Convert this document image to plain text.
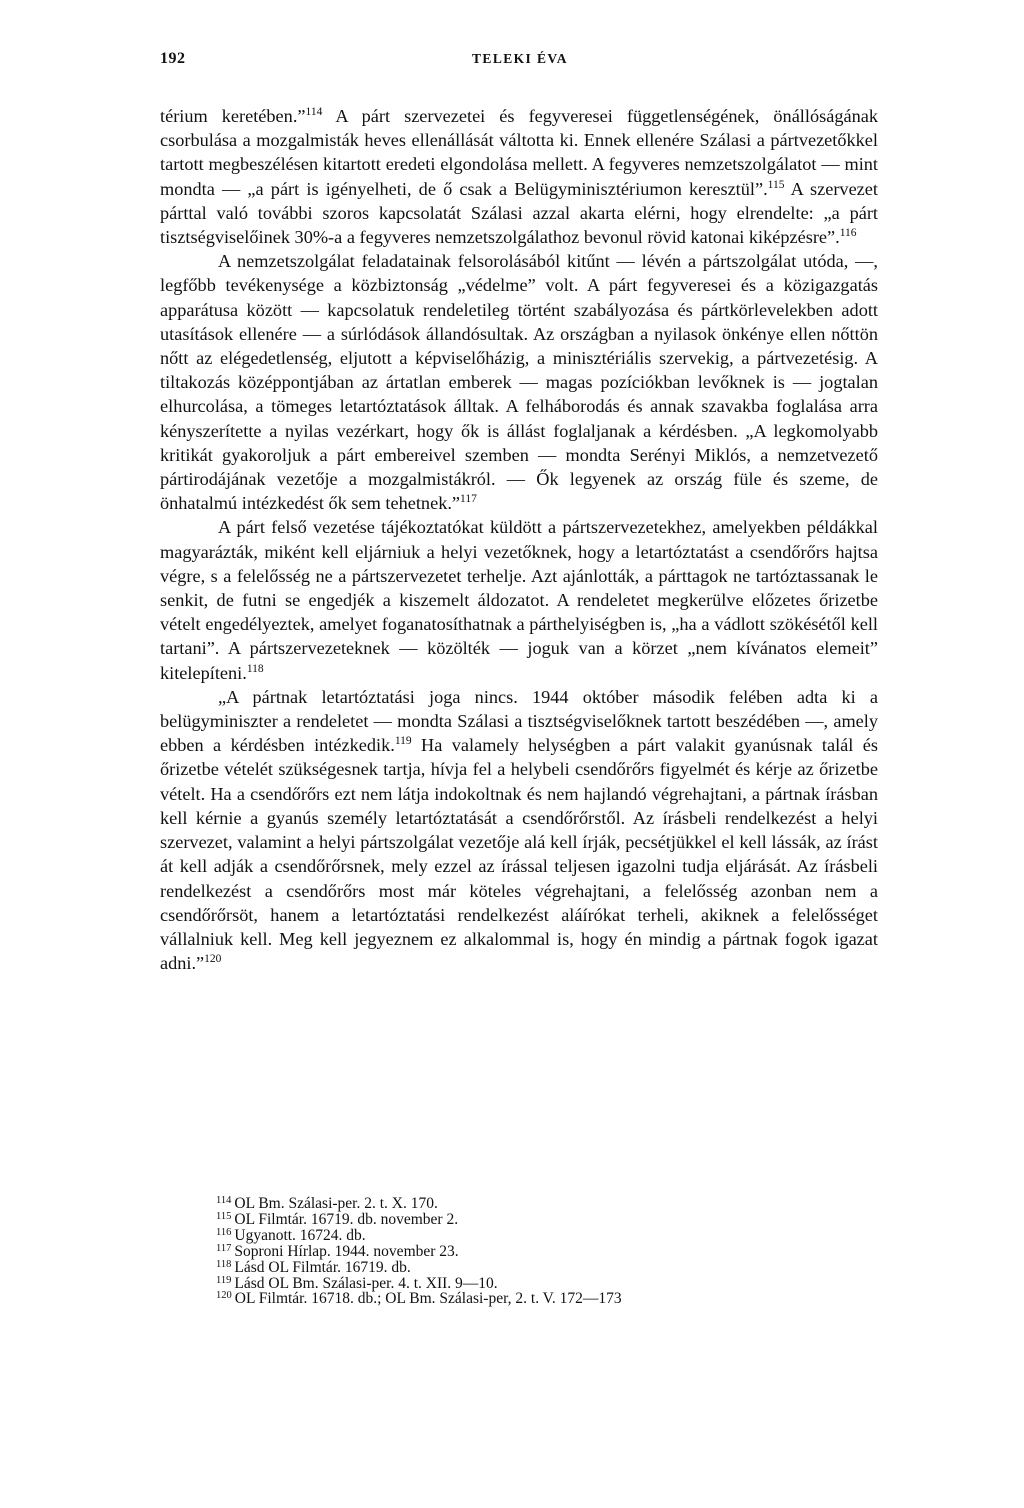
192	TELEKI ÉVA

térium keretében.”$^{114}$ A párt szervezetei és fegyveresei függetlenségének, önállóságának csorbulása a mozgalmisták heves ellenállását váltotta ki. Ennek ellenére Szálasi a pártvezetőkkel tartott megbeszélésen kitartott eredeti elgondolása mellett. A fegyveres nemzetszolgálatot — mint mondta — „a párt is igényelheti, de ő csak a Belügyminisztériumon keresztül”.$^{115}$ A szervezet párttal való további szoros kapcsolatát Szálasi azzal akarta elérni, hogy elrendelte: „a párt tisztségviselőinek 30%-a a fegyveres nemzetszolgálathoz bevonul rövid katonai kiképzésre”.$^{116}$

A nemzetszolgálat feladatainak felsorolásából kitűnt — lévén a pártszolgálat utóda, —, legfőbb tevékenysége a közbiztonság „védelme” volt. A párt fegyveresei és a közigazgatás apparátusa között — kapcsolatuk rendeletileg történt szabályozása és pártkörlevelekben adott utasítások ellenére — a súrlódások állandósultak. Az országban a nyilasok önkénye ellen nőttön nőtt az elégedetlenség, eljutott a képviselőházig, a minisztériális szervekig, a pártvezetésig. A tiltakozás középpontjában az ártatlan emberek — magas pozíciókban levőknek is — jogtalan elhurcolása, a tömeges letartóztatások álltak. A felháborodás és annak szavakba foglalása arra kényszerítette a nyilas vezérkart, hogy ők is állást foglaljanak a kérdésben. „A legkomolyabb kritikát gyakoroljuk a párt embereivel szemben — mondta Serényi Miklós, a nemzetvezető pártirodájának vezetője a mozgalmistákról. — Ők legyenek az ország füle és szeme, de önhatalmú intézkedést ők sem tehetnek.”$^{117}$

A párt felső vezetése tájékoztatókat küldött a pártszervezetekhez, amelyekben példákkal magyarázták, miként kell eljárniuk a helyi vezetőknek, hogy a letartóztatást a csendőrőrs hajtsa végre, s a felelősség ne a pártszervezetet terhelje. Azt ajánlották, a párttagok ne tartóztassanak le senkit, de futni se engedjék a kiszemelt áldozatot. A rendeletet megkerülve előzetes őrizetbe vételt engedélyeztek, amelyet foganatosíthatnak a párthelyiségben is, „ha a vádlott szökésétől kell tartani”. A pártszervezeteknek — közölték — joguk van a körzet „nem kívánatos elemeit” kitelepíteni.$^{118}$

„A pártnak letartóztatási joga nincs. 1944 október második felében adta ki a belügyminiszter a rendeletet — mondta Szálasi a tisztségviselőknek tartott beszédében —, amely ebben a kérdésben intézkedik.$^{119}$ Ha valamely helységben a párt valakit gyanúsnak talál és őrizetbe vételét szükségesnek tartja, hívja fel a helybeli csendőrőrs figyelmét és kérje az őrizetbe vételt. Ha a csendőrőrs ezt nem látja indokoltnak és nem hajlandó végrehajtani, a pártnak írásban kell kérnie a gyanús személy letartóztatását a csendőrőrstől. Az írásbeli rendelkezést a helyi szervezet, valamint a helyi pártszolgálat vezetője alá kell írják, pecsétjükkel el kell lássák, az írást át kell adják a csendőrőrsnek, mely ezzel az írással teljesen igazolni tudja eljárását. Az írásbeli rendelkezést a csendőrőrs most már köteles végrehajtani, a felelősség azonban nem a csendőrőrsöt, hanem a letartóztatási rendelkezést aláírókat terheli, akiknek a felelősséget vállalniuk kell. Meg kell jegyeznem ez alkalommal is, hogy én mindig a pártnak fogok igazat adni.”$^{120}$

$^{114}$ OL Bm. Szálasi-per. 2. t. X. 170.
$^{115}$ OL Filmtár. 16719. db. november 2.
$^{116}$ Ugyanott. 16724. db.
$^{117}$ Soproni Hírlap. 1944. november 23.
$^{118}$ Lásd OL Filmtár. 16719. db.
$^{119}$ Lásd OL Bm. Szálasi-per. 4. t. XII. 9—10.
$^{120}$ OL Filmtár. 16718. db.; OL Bm. Szálasi-per, 2. t. V. 172—173
